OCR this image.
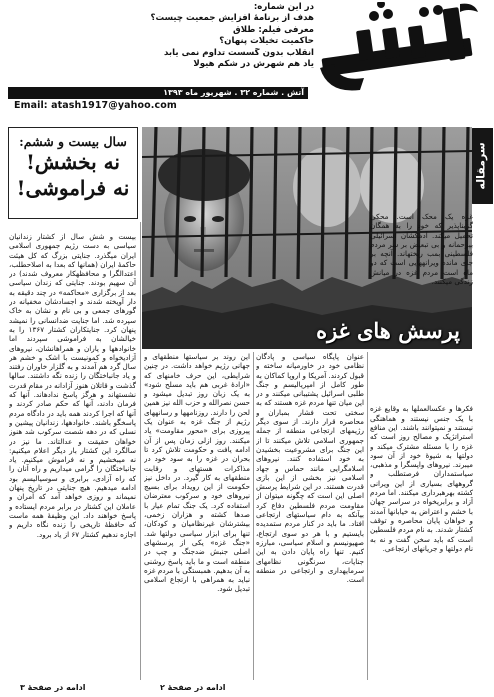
در این شماره:
هدف از برنامهٔ افزایش جمعیت چیست؟
معرفی فیلم: طلاق
حاکمیت تخیلات پنهان؟
انقلاب بدون گسست تداوم نمی یابد
یاد هم شهرش در شکم هیولا
آتش . شماره ۳۲ . شهریور ماه ۱۳۹۳
Email: atash1917@yahoo.com
سرمقاله
پرسش های غزه
سال بیست و ششم:
نه بخشش!
نه فراموشی!

بیست و شش سال از کشتار زندانیان سیاسی به دست رژیم جمهوری اسلامی ایران میگذرد. جنایتی بزرگ که کل هیئت حاکمهٔ ایران (همانها که بعدا به اصلاحطلب، اعتدالگرا و محافظهکار معروف شدند) در آن سهیم بودند. جنایتی که زندان سیاسی بعد از برگزاری «محاکمه» در چند دقیقه به دار آویخته شدند و اجسادشان مخفیانه در گورهای جمعی و بی نام و نشان به خاک سپرده شد. اما جنایت ضدانسانی را نمیشد پنهان کرد. جنایتکاران کشتار ۱۳۶۷ را به خیالشان به فراموشی سپردند اما خانوادهها و یاران و همراهانشان، نیروهای آزادیخواه و کمونیست با اشک و خشم هر سال گرد هم آمدند و به گلزار خاوران رفتند و یاد جانباختگان را زنده نگه داشتند. سالها گذشت و قاتلان هنوز آزادانه در مقام قدرت نشستهاند و هرگز پاسخ ندادهاند. آنها که فرمان دادند، آنها که حکم صادر کردند و آنها که اجرا کردند همه باید در دادگاه مردم پاسخگو باشند. خانوادهها، زندانیان پیشین و نسلی که در دهه شصت سرکوب شد هنوز خواهان حقیقت و عدالتاند. ما نیز در سالگرد این کشتار بار دیگر اعلام میکنیم: نه میبخشیم و نه فراموش میکنیم. یاد جانباختگان را گرامی میداریم و راه آنان را که راه آزادی، برابری و سوسیالیسم بود ادامه میدهیم. هیچ جنایتی در تاریخ پنهان نمیماند و روزی خواهد آمد که آمران و عاملان این کشتار در برابر مردم ایستاده و پاسخ خواهند داد. این وظیفهٔ همه ماست که حافظهٔ تاریخی را زنده نگاه داریم و اجازه ندهیم کشتار ۶۷ از یاد برود.

این روند بر سیاستها منطقهای و جهانی رژیم خواهد داشت. در چنین شرایطی، این حرف خامنهای که «ارادهٔ غربی هم باید مسلح شود» به یک زبان روز تبدیل میشود و حسن نصرالله و حزب الله نیز همین لحن را دارند. روزنامهها و رسانههای رژیم از جنگ غزه به عنوان یک پیروزی برای «محور مقاومت» یاد میکنند. روز ازلی زمان پس از آن ادامه یافت و حکومت تلاش کرد تا بحران در غزه را به سود خود در مذاکرات هستهای و رقابت منطقهای به کار گیرد. در داخل نیز حکومت از این رویداد برای بسیج نیروهای خود و سرکوب معترضان استفاده کرد. یک جنگ تمام عیار با صدها کشته و هزاران زخمی، بیشترشان غیرنظامیان و کودکان، تنها برای ابزار سیاسی دولتها شد. «جنگ غزه» یکی از پرسشهای اصلی جنبش ضدجنگ و چپ در منطقه است و ما باید پاسخ روشنی به آن بدهیم. همبستگی با مردم غزه نباید به همراهی با ارتجاع اسلامی تبدیل شود.

عنوان پایگاه سیاسی و پادگان نظامی خود در خاورمیانه ساخته و قبول کردند. آمریکا و اروپا کماکان به طور کامل از امپریالیسم و جنگ طلبی اسرائیل پشتیبانی میکنند و در این میان تنها مردم غزه هستند که به سختی تحت فشار بمباران و محاصره قرار دارند. از سوی دیگر رژیمهای ارتجاعی منطقه از جمله جمهوری اسلامی تلاش میکنند تا از این جنگ برای مشروعیت بخشیدن به خود استفاده کنند. نیروهای اسلامگرایی مانند حماس و جهاد اسلامی نیز بخشی از این بازی قدرت هستند. در این شرایط پرسش اصلی این است که چگونه میتوان از مقاومت مردم فلسطین دفاع کرد بیآنکه به دام سیاستهای ارتجاعی افتاد. ما باید در کنار مردم ستمدیده بایستیم و با هر دو سوی ارتجاع، صهیونیسم و اسلام سیاسی، مبارزه کنیم. تنها راه پایان دادن به این جنایات، سرنگونی نظامهای سرمایهداری و ارتجاعی در منطقه است.

غزه یک محک است. محکی گزیناپذیر که خود را به همگان تحمیل میکند. آدمکشان اسرائیلی بیرحمانه و بی تبعیض بر سر مردم فلسطینی بمب ریختهاند. آنچه بر جای مانده ویرانههایی است که دو ماه است مردم غزه در میانش زندگی میکنند.

فکرها و عکسالعملها به وقایع غزه با یک جنس نیستند و هماهنگی نیستند و نمیتوانند باشند. این منافع استراتژیک و مصالح روز است که غزه را با مسئله مشترک میکند و دولتها به شیوهٔ خود از آن سود میبرند. نیروهای واپسگرا و مذهبی، سیاستمداران فرصتطلب و گروههای بسیاری از این ویرانی کشته بهرهبرداری میکنند. اما مردم آزاد و برابریخواه در سراسر جهان با خشم و اعتراض به خیابانها آمدند و خواهان پایان محاصره و توقف کشتار شدند. به نام مردم فلسطین است که باید سخن گفت و نه به نام دولتها و جریانهای ارتجاعی.

ادامه در صفحهٔ ۳	ادامه در صفحهٔ ۲
